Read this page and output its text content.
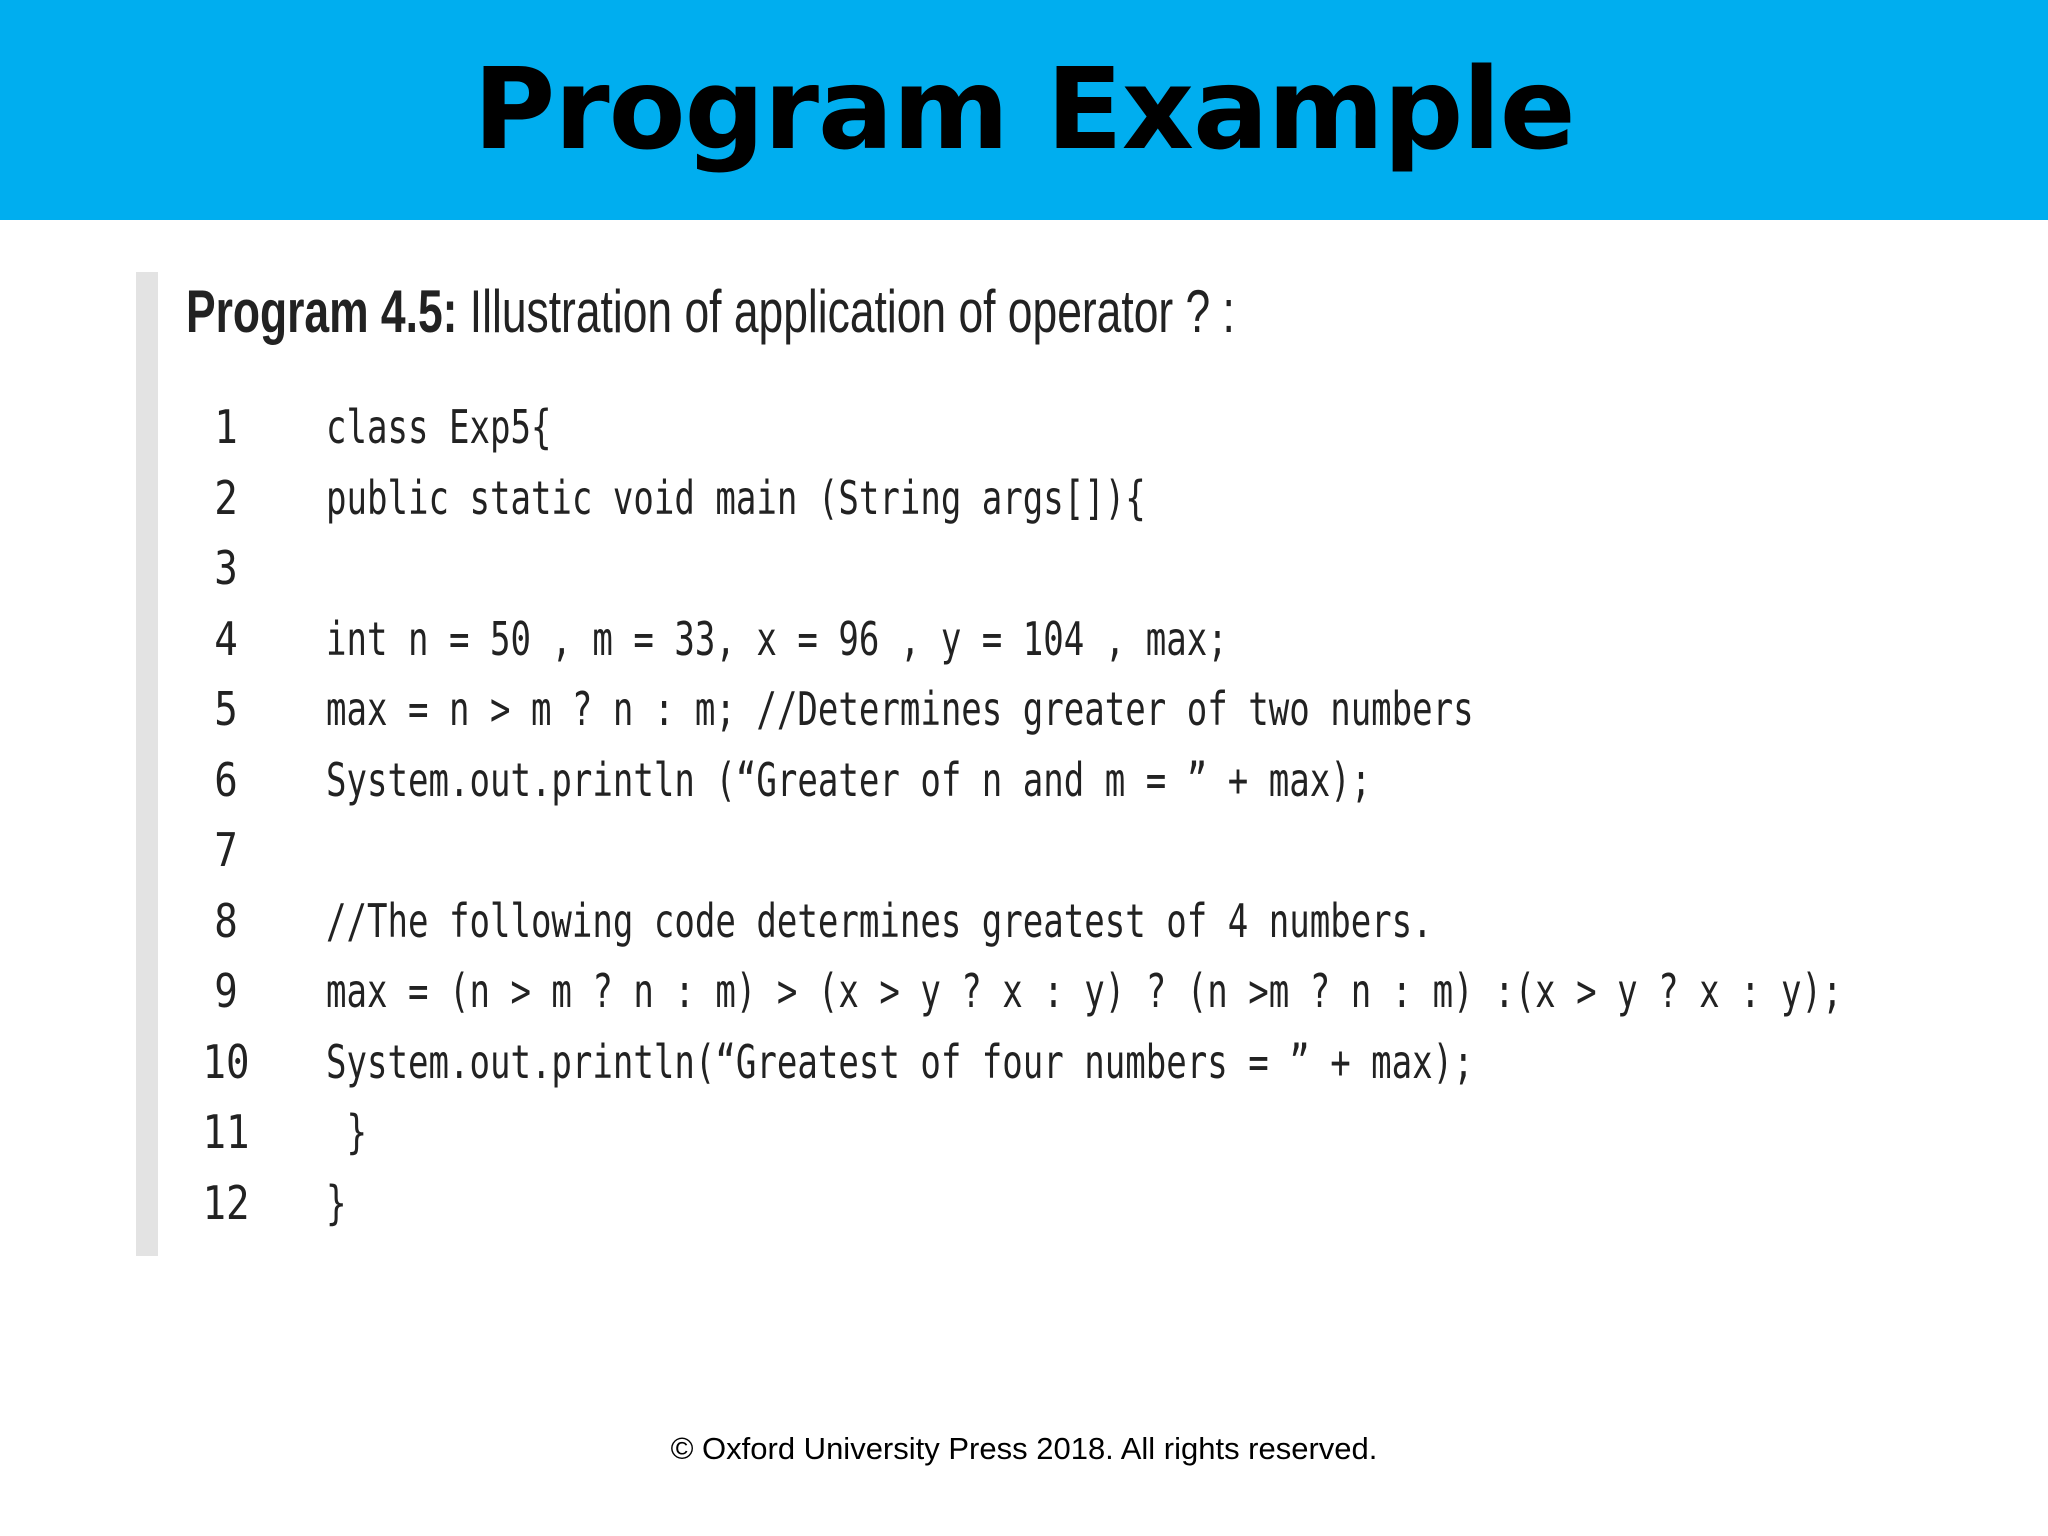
Program Example
Program 4.5: Illustration of application of operator ? :
1	class Exp5{
2	public static void main (String args[]){
3
4	int n = 50 , m = 33, x = 96 , y = 104 , max;
5	max = n > m ? n : m; //Determines greater of two numbers
6	System.out.println (“Greater of n and m = ” + max);
7
8	//The following code determines greatest of 4 numbers.
9	max = (n > m ? n : m) > (x > y ? x : y) ? (n >m ? n : m) :(x > y ? x : y);
10 System.out.println(“Greatest of four numbers = ” + max);
11 }
12 }
© Oxford University Press 2018. All rights reserved.
